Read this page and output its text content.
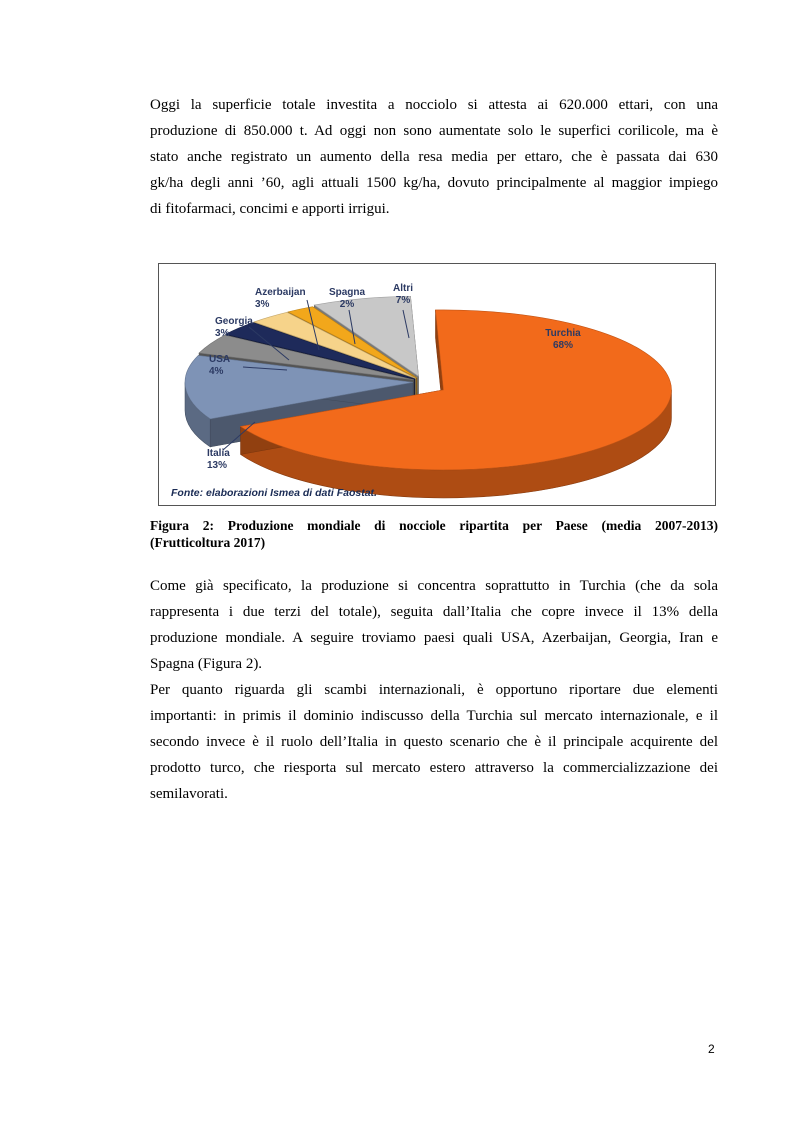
Oggi la superficie totale investita a nocciolo si attesta ai 620.000 ettari, con una
produzione di 850.000 t. Ad oggi non sono aumentate solo le superfici corilicole, ma è
stato anche registrato un aumento della resa media per ettaro, che è passata dai 630
gk/ha degli anni ’60, agli attuali 1500 kg/ha, dovuto principalmente al maggior impiego
di fitofarmaci, concimi e apporti irrigui.

Turchia 68%
Italia 13%
USA 4%
Georgia 3%
Azerbaijan 3%
Spagna 2%
Altri 7%
Fonte: elaborazioni Ismea di dati Faostat.

Figura 2: Produzione mondiale di nocciole ripartita per Paese (media 2007-2013)
(Frutticoltura 2017)

Come già specificato, la produzione si concentra soprattutto in Turchia (che da sola
rappresenta i due terzi del totale), seguita dall’Italia che copre invece il 13% della
produzione mondiale. A seguire troviamo paesi quali USA, Azerbaijan, Georgia, Iran e
Spagna (Figura 2).

Per quanto riguarda gli scambi internazionali, è opportuno riportare due elementi
importanti: in primis il dominio indiscusso della Turchia sul mercato internazionale, e il
secondo invece è il ruolo dell’Italia in questo scenario che è il principale acquirente del
prodotto turco, che riesporta sul mercato estero attraverso la commercializzazione dei
semilavorati.

2
